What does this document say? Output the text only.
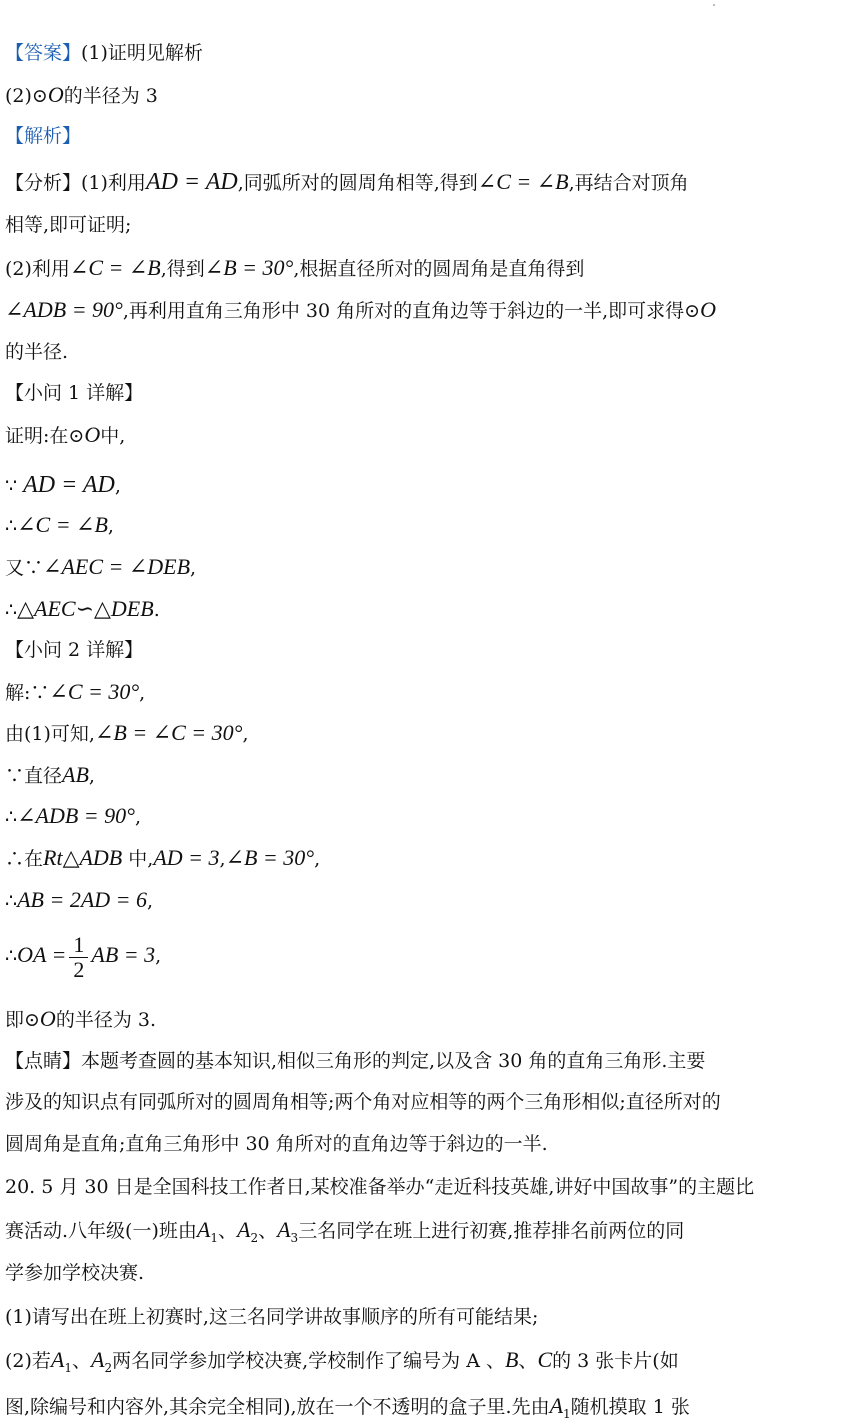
【答案】(1)证明见解析
(2)⊙O的半径为 3
【解析】
【分析】(1)利用AD = AD,同弧所对的圆周角相等,得到∠C = ∠B,再结合对顶角
相等,即可证明;
(2)利用∠C = ∠B,得到∠B = 30°,根据直径所对的圆周角是直角得到
∠ADB = 90°,再利用直角三角形中 30 角所对的直角边等于斜边的一半,即可求得⊙O
的半径.
【小问 1 详解】
证明:在⊙O中,
∵ AD = AD,
∴∠C = ∠B,
又∵∠AEC = ∠DEB,
∴△AEC∽△DEB.
【小问 2 详解】
解:∵∠C = 30°,
由(1)可知,∠B = ∠C = 30°,
∵直径AB,
∴∠ADB = 90°,
∴在Rt△ADB 中,AD = 3,∠B = 30°,
∴AB = 2AD = 6,
∴OA = $\frac{1}{2}$ AB = 3,
即⊙O的半径为 3.
【点睛】本题考查圆的基本知识,相似三角形的判定,以及含 30 角的直角三角形.主要
涉及的知识点有同弧所对的圆周角相等;两个角对应相等的两个三角形相似;直径所对的
圆周角是直角;直角三角形中 30 角所对的直角边等于斜边的一半.
20. 5 月 30 日是全国科技工作者日,某校准备举办“走近科技英雄,讲好中国故事”的主题比
赛活动.八年级(一)班由$A_1$、$A_2$、$A_3$三名同学在班上进行初赛,推荐排名前两位的同
学参加学校决赛.
(1)请写出在班上初赛时,这三名同学讲故事顺序的所有可能结果;
(2)若$A_1$、$A_2$两名同学参加学校决赛,学校制作了编号为 A 、B、C的 3 张卡片(如
图,除编号和内容外,其余完全相同),放在一个不透明的盒子里.先由$A_1$随机摸取 1 张
